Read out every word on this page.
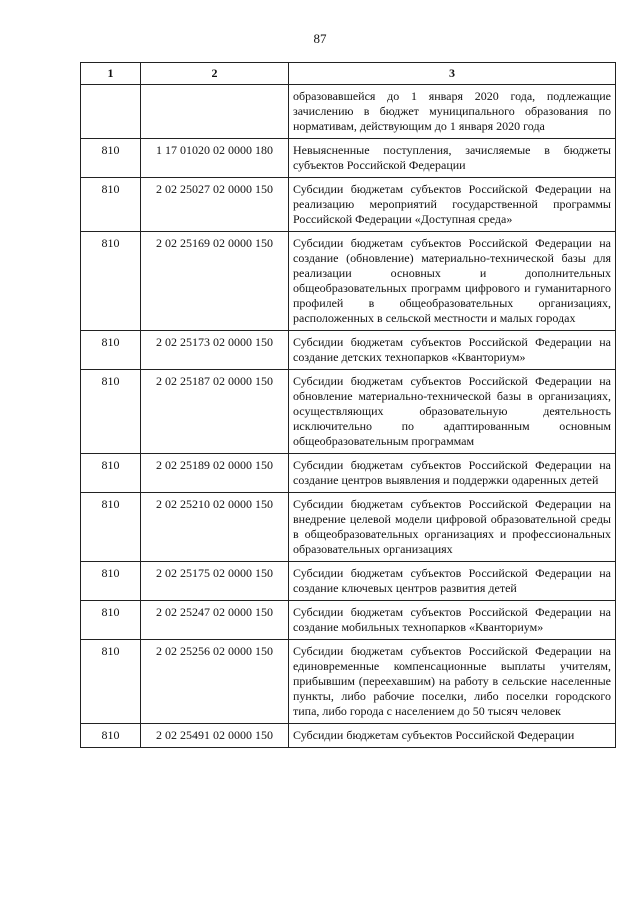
87
1	2	3
		образовавшейся до 1 января 2020 года, подлежащие зачислению в бюджет муниципального образования по нормативам, действующим до 1 января 2020 года
810	1 17 01020 02 0000 180	Невыясненные поступления, зачисляемые в бюджеты субъектов Российской Федерации
810	2 02 25027 02 0000 150	Субсидии бюджетам субъектов Российской Федерации на реализацию мероприятий государственной программы Российской Федерации «Доступная среда»
810	2 02 25169 02 0000 150	Субсидии бюджетам субъектов Российской Федерации на создание (обновление) материально-технической базы для реализации основных и дополнительных общеобразовательных программ цифрового и гуманитарного профилей в общеобразовательных организациях, расположенных в сельской местности и малых городах
810	2 02 25173 02 0000 150	Субсидии бюджетам субъектов Российской Федерации на создание детских технопарков «Кванториум»
810	2 02 25187 02 0000 150	Субсидии бюджетам субъектов Российской Федерации на обновление материально-технической базы в организациях, осуществляющих образовательную деятельность исключительно по адаптированным основным общеобразовательным программам
810	2 02 25189 02 0000 150	Субсидии бюджетам субъектов Российской Федерации на создание центров выявления и поддержки одаренных детей
810	2 02 25210 02 0000 150	Субсидии бюджетам субъектов Российской Федерации на внедрение целевой модели цифровой образовательной среды в общеобразовательных организациях и профессиональных образовательных организациях
810	2 02 25175 02 0000 150	Субсидии бюджетам субъектов Российской Федерации на создание ключевых центров развития детей
810	2 02 25247 02 0000 150	Субсидии бюджетам субъектов Российской Федерации на создание мобильных технопарков «Кванториум»
810	2 02 25256 02 0000 150	Субсидии бюджетам субъектов Российской Федерации на единовременные компенсационные выплаты учителям, прибывшим (переехавшим) на работу в сельские населенные пункты, либо рабочие поселки, либо поселки городского типа, либо города с населением до 50 тысяч человек
810	2 02 25491 02 0000 150	Субсидии бюджетам субъектов Российской Федерации
